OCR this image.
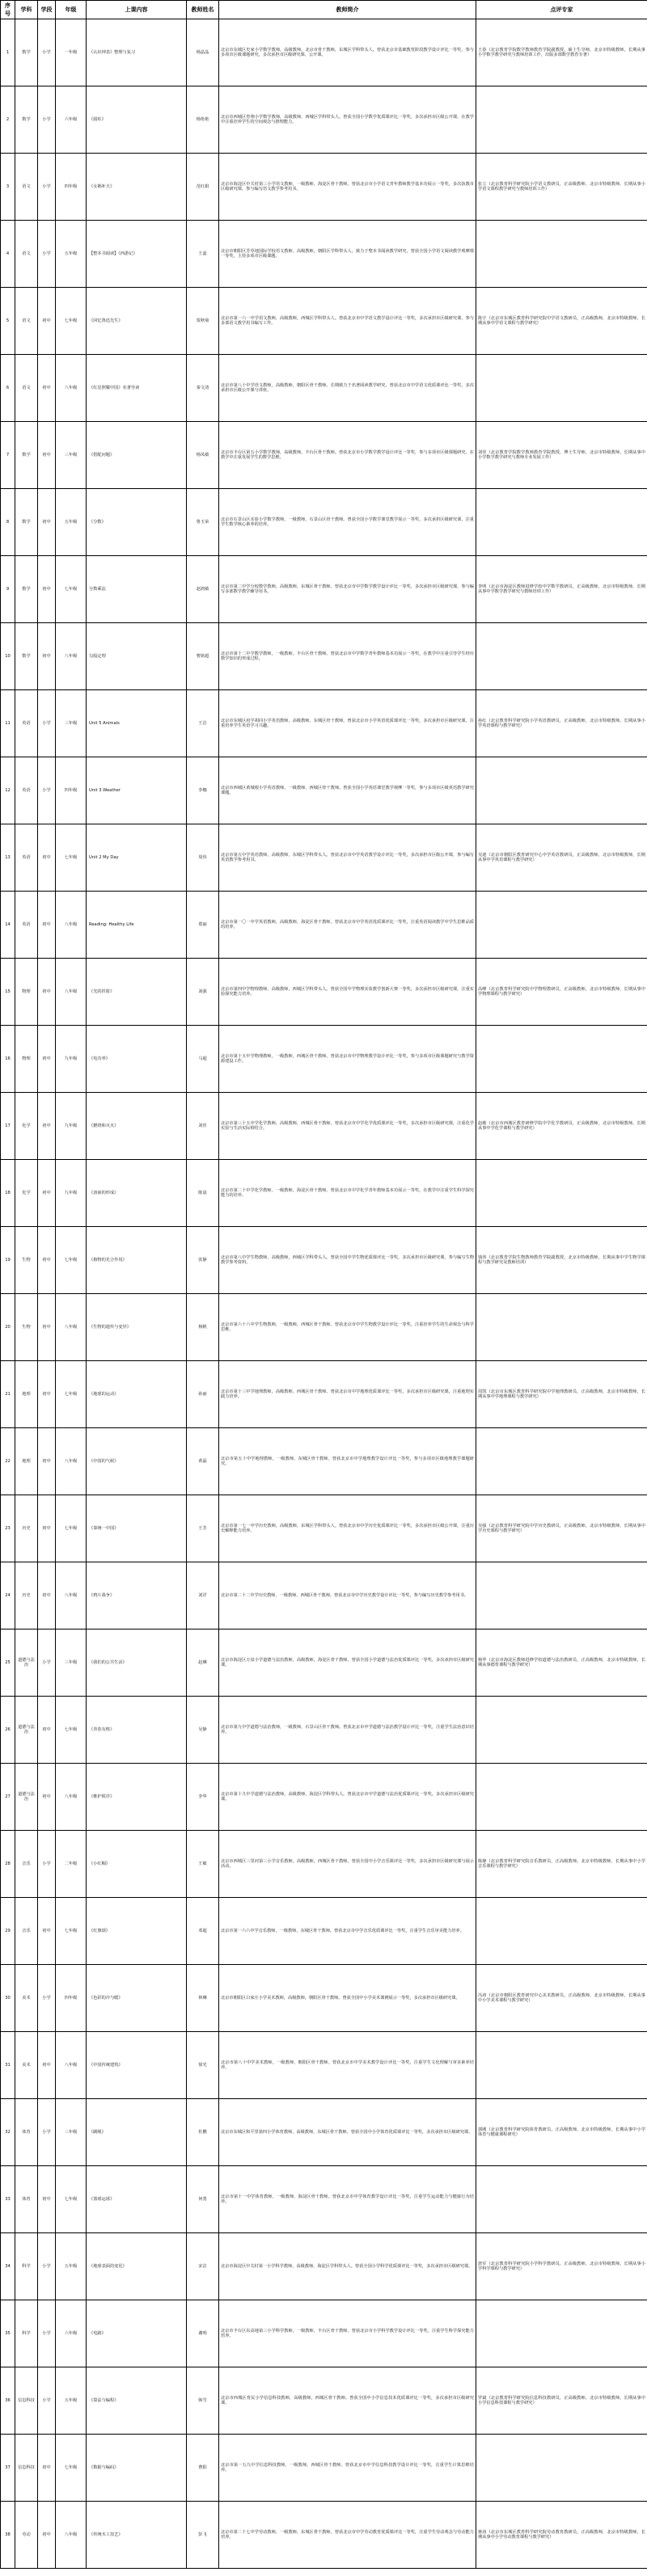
序号	学科	学段	年级	上课内容	教师姓名	教师简介	点评专家
1	数学	小学	一年级	《认识钟表》整理与复习	杨晶晶	北京市东城区史家小学数学教师，高级教师，北京市骨干教师，东城区学科带头人。曾获北京市基础教育阶段教学设计评比一等奖，参与多项市区级课题研究，多次承担市区级研究课、公开课。	王春（北京教育学院数学教师教育学院副教授，硕士生导师，北京市特级教师，长期从事小学数学教学研究与教师培训工作，出版多部数学教育专著）
2	数学	小学	六年级	《圆柱》	杨艳艳	北京市西城区育翔小学数学教师，高级教师，西城区学科带头人。曾获全国小学数学优质课评比一等奖，多次承担市区级公开课，在教学中注重培养学生的空间观念与推理能力。	
3	语文	小学	四年级	《女娲补天》	范红娟	北京市海淀区中关村第三小学语文教师，一级教师，海淀区骨干教师。曾获北京市小学语文青年教师教学基本功展示一等奖，多次执教市区级研究课，参与编写语文教学参考用书。	张立（北京教育科学研究院小学语文教研员，正高级教师，北京市特级教师，长期从事小学语文课程教学研究与教师培训工作）
4	语文	小学	五年级	【整本书阅读】《西游记》	王蕊	北京市朝阳区芳草地国际学校语文教师，高级教师，朝阳区学科带头人。致力于整本书阅读教学研究，曾获全国小学语文阅读教学观摩课一等奖，主持多项市区级课题。	
5	语文	初中	七年级	《回忆鲁迅先生》	贾秋菊	北京市第一六一中学语文教师，高级教师，西城区学科带头人。曾获北京市中学语文教学设计评比一等奖，多次承担市区级研究课，参与多部语文教学用书编写工作。	陈宇（北京市东城区教育科学研究院中学语文教研员，正高级教师，北京市特级教师，长期从事中学语文课程与教学研究）
6	语文	初中	八年级	《红星照耀中国》名著导读	秦文清	北京市第八十中学语文教师，高级教师，朝阳区骨干教师。长期致力于名著阅读教学研究，曾获北京市中学语文优质课评比一等奖，多次承担市区级公开课与讲座。	
7	数学	初中	三年级	《搭配问题》	杨凤敏	北京市丰台区第五小学数学教师，高级教师，丰台区骨干教师。曾获北京市小学数学教学设计评比一等奖，参与多项市区级课题研究，在教学中注重发展学生的数学思维。	刘佳（北京教育学院数学教师教育学院教授，博士生导师，北京市特级教师，长期从事中小学数学教学研究与教师专业发展工作）
8	数学	初中	五年级	《分数》	鲁玉荣	北京市石景山区实验小学数学教师，一级教师，石景山区骨干教师。曾获全国小学数学课堂教学展示一等奖，多次承担区级研究课，注重学生数学核心素养的培养。	
9	数学	初中	七年级	分数乘法	赵鸿敏	北京市第二中学分校数学教师，高级教师，东城区骨干教师。曾获北京市中学数学教学设计评比一等奖，多次承担市区级研究课，参与编写多部数学教学辅导用书。	李明（北京市海淀区教师进修学校中学数学教研员，正高级教师，北京市特级教师，长期从事中学数学教学研究与教师培训工作）
10	数学	初中	八年级	勾股定理	曹铭超	北京市第十二中学数学教师，一级教师，丰台区骨干教师。曾获北京市中学数学青年教师基本功展示一等奖，在教学中注重引导学生经历数学知识的形成过程。	
11	英语	小学	三年级	Unit 5 Animals	王洁	北京市东城区府学胡同小学英语教师，高级教师，东城区骨干教师。曾获北京市小学英语优质课评比一等奖，多次承担市区级研究课，注重培养学生英语学习兴趣。	孙红（北京教育科学研究院小学英语教研员，正高级教师，北京市特级教师，长期从事小学英语课程与教学研究）
12	英语	小学	四年级	Unit 3 Weather	李娜	北京市西城区黄城根小学英语教师，一级教师，西城区骨干教师。曾获全国小学英语课堂教学观摩一等奖，参与多项市区级英语教学研究课题。	
13	英语	初中	七年级	Unit 2 My Day	周伟	北京市第五中学英语教师，高级教师，东城区学科带头人。曾获北京市中学英语教学设计评比一等奖，多次承担市区级公开课，参与编写英语教学参考用书。	吴迪（北京市朝阳区教育研究中心中学英语教研员，正高级教师，北京市特级教师，长期从事中学英语课程与教学研究）
14	英语	初中	八年级	Reading: Healthy Life	郑丽	北京市第一〇一中学英语教师，高级教师，海淀区骨干教师。曾获北京市中学英语优质课评比一等奖，注重英语阅读教学中学生思维品质的培养。	
15	物理	初中	八年级	《光的折射》	刘强	北京市第四中学物理教师，高级教师，西城区学科带头人。曾获全国中学物理实验教学创新大赛一等奖，多次承担市区级研究课，注重实验探究能力培养。	高峰（北京教育科学研究院中学物理教研员，正高级教师，北京市特级教师，长期从事中学物理课程与教学研究）
16	物理	初中	九年级	《电功率》	马超	北京市第十五中学物理教师，一级教师，西城区骨干教师。曾获北京市中学物理教学设计评比一等奖，参与多项市区级课题研究与教学资源建设工作。	
17	化学	初中	九年级	《燃烧和灭火》	刘佳	北京市第三十五中学化学教师，高级教师，西城区骨干教师。曾获北京市中学化学优质课评比一等奖，多次承担市区级研究课，注重化学实验与生活实际相结合。	赵敏（北京市西城区教育研修学院中学化学教研员，正高级教师，北京市特级教师，长期从事中学化学课程与教学研究）
18	化学	初中	九年级	《溶液的形成》	陈晨	北京市第二十中学化学教师，一级教师，海淀区骨干教师。曾获北京市中学化学青年教师基本功展示一等奖，在教学中注重学生科学探究能力的培养。	
19	生物	初中	七年级	《植物的光合作用》	张静	北京市第八中学生物教师，高级教师，西城区学科带头人。曾获全国中学生物优质课评比一等奖，多次承担市区级研究课，参与编写生物教学参考资料。	钱伟（北京教育学院生物教师教育学院副教授，北京市特级教师，长期从事中学生物学课程与教学研究及教师培训）
20	生物	初中	八年级	《生物的遗传与变异》	杨帆	北京市第六十六中学生物教师，一级教师，西城区骨干教师。曾获北京市中学生物教学设计评比一等奖，注重培养学生的生命观念与科学思维。	
21	地理	初中	七年级	《地球的运动》	孙丽	北京市第十三中学地理教师，高级教师，西城区骨干教师。曾获北京市中学地理优质课评比一等奖，多次承担市区级研究课，注重地理实践力培养。	周凯（北京市东城区教育科学研究院中学地理教研员，正高级教师，北京市特级教师，长期从事中学地理课程与教学研究）
22	地理	初中	八年级	《中国的气候》	黄磊	北京市第五十中学地理教师，一级教师，东城区骨干教师。曾获北京市中学地理教学设计评比一等奖，参与多项市区级地理教学课题研究。	
23	历史	初中	七年级	《秦统一中国》	王芳	北京市第一七一中学历史教师，高级教师，东城区学科带头人。曾获北京市中学历史优质课评比一等奖，多次承担市区级公开课，注重历史解释能力培养。	吴强（北京教育科学研究院中学历史教研员，正高级教师，北京市特级教师，长期从事中学历史课程与教学研究）
24	历史	初中	八年级	《鸦片战争》	刘洋	北京市第二十二中学历史教师，一级教师，西城区骨干教师。曾获北京市中学历史教学设计评比一等奖，参与编写历史教学参考用书。	
25	道德与法治	小学	三年级	《我们的公共生活》	赵琳	北京市海淀区万泉小学道德与法治教师，高级教师，海淀区骨干教师。曾获全国小学道德与法治优质课评比一等奖，多次承担市区级研究课。	杨华（北京市海淀区教师进修学校道德与法治教研员，正高级教师，北京市特级教师，长期从事德育课程与教学研究）
26	道德与法治	初中	七年级	《青春有格》	吴静	北京市第九中学道德与法治教师，一级教师，石景山区骨干教师。曾获北京市中学道德与法治教学设计评比一等奖，注重学生法治意识培养。	
27	道德与法治	初中	八年级	《维护秩序》	李华	北京市第十九中学道德与法治教师，高级教师，海淀区学科带头人。曾获北京市中学道德与法治优质课评比一等奖，多次承担市区级研究课。	
28	音乐	小学	二年级	《小红帽》	王敏	北京市西城区三里河第三小学音乐教师，高级教师，西城区骨干教师。曾获全国中小学音乐课评比一等奖，多次承担市区级研究课与展示活动。	陈静（北京教育科学研究院音乐教研员，正高级教师，北京市特级教师，长期从事中小学音乐课程与教学研究）
29	音乐	初中	七年级	《红旗颂》	邓超	北京市第一六六中学音乐教师，一级教师，东城区骨干教师。曾获北京市中学音乐优质课评比一等奖，注重学生音乐审美能力培养。	
30	美术	小学	四年级	《色彩的冷与暖》	林琳	北京市朝阳区白家庄小学美术教师，高级教师，朝阳区骨干教师。曾获全国中小学美术课例展示一等奖，多次承担市区级研究课。	冯涛（北京市朝阳区教育研究中心美术教研员，正高级教师，北京市特级教师，长期从事中小学美术课程与教学研究）
31	美术	初中	八年级	《中国传统建筑》	徐光	北京市第八十中学美术教师，一级教师，朝阳区骨干教师。曾获北京市中学美术教学设计评比一等奖，注重学生文化理解与审美素养培养。	
32	体育	小学	三年级	《跳绳》	杜鹏	北京市东城区和平里第四小学体育教师，高级教师，东城区骨干教师。曾获全国中小学体育优质课评比一等奖，多次承担市区级研究课。	郭刚（北京教育科学研究院体育教研员，正高级教师，北京市特级教师，长期从事中小学体育与健康课程研究）
33	体育	初中	七年级	《篮球运球》	何勇	北京市第十一中学体育教师，一级教师，海淀区骨干教师。曾获北京市中学体育教学设计评比一等奖，注重学生运动能力与健康行为培养。	
34	科学	小学	五年级	《地球表面的变化》	宋洁	北京市海淀区中关村第一小学科学教师，高级教师，海淀区学科带头人。曾获全国小学科学优质课评比一等奖，多次承担市区级研究课。	唐军（北京教育科学研究院小学科学教研员，正高级教师，北京市特级教师，长期从事小学科学课程与教学研究）
35	科学	小学	六年级	《电路》	谢明	北京市丰台区东高地第三小学科学教师，一级教师，丰台区骨干教师。曾获北京市小学科学教学设计评比一等奖，注重学生科学探究能力培养。	
36	信息科技	小学	五年级	《算法与编程》	韩雪	北京市西城区育民小学信息科技教师，高级教师，西城区骨干教师。曾获全国中小学信息技术优质课评比一等奖，多次承担市区级研究课。	罗斌（北京教育科学研究院信息科技教研员，正高级教师，北京市特级教师，长期从事中小学信息科技课程与教学研究）
37	信息科技	初中	七年级	《数据与编码》	曹阳	北京市第一五九中学信息科技教师，一级教师，西城区骨干教师。曾获北京市中学信息科技教学设计评比一等奖，注重学生计算思维培养。	
38	劳动	初中	八年级	《传统木工技艺》	彭飞	北京市第二十七中学劳动教师，一级教师，东城区骨干教师。曾获北京市中学劳动教育优质课评比一等奖，注重学生劳动观念与劳动能力培养。	蒋涛（北京市东城区教育科学研究院劳动教育教研员，正高级教师，北京市特级教师，长期从事中小学劳动教育课程与教学研究）
